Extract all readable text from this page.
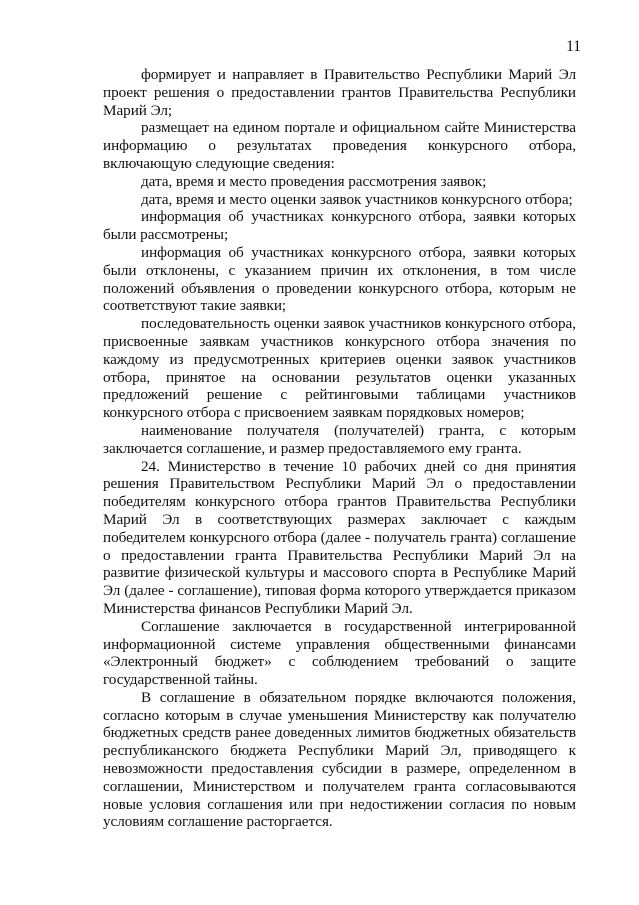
11

формирует и направляет в Правительство Республики Марий Эл проект решения о предоставлении грантов Правительства Республики Марий Эл;

размещает на едином портале и официальном сайте Министерства информацию о результатах проведения конкурсного отбора, включающую следующие сведения:

дата, время и место проведения рассмотрения заявок;

дата, время и место оценки заявок участников конкурсного отбора;

информация об участниках конкурсного отбора, заявки которых были рассмотрены;

информация об участниках конкурсного отбора, заявки которых были отклонены, с указанием причин их отклонения, в том числе положений объявления о проведении конкурсного отбора, которым не соответствуют такие заявки;

последовательность оценки заявок участников конкурсного отбора, присвоенные заявкам участников конкурсного отбора значения по каждому из предусмотренных критериев оценки заявок участников отбора, принятое на основании результатов оценки указанных предложений решение с рейтинговыми таблицами участников конкурсного отбора с присвоением заявкам порядковых номеров;

наименование получателя (получателей) гранта, с которым заключается соглашение, и размер предоставляемого ему гранта.

24. Министерство в течение 10 рабочих дней со дня принятия решения Правительством Республики Марий Эл о предоставлении победителям конкурсного отбора грантов Правительства Республики Марий Эл в соответствующих размерах заключает с каждым победителем конкурсного отбора (далее - получатель гранта) соглашение о предоставлении гранта Правительства Республики Марий Эл на развитие физической культуры и массового спорта в Республике Марий Эл (далее - соглашение), типовая форма которого утверждается приказом Министерства финансов Республики Марий Эл.

Соглашение заключается в государственной интегрированной информационной системе управления общественными финансами «Электронный бюджет» с соблюдением требований о защите государственной тайны.

В соглашение в обязательном порядке включаются положения, согласно которым в случае уменьшения Министерству как получателю бюджетных средств ранее доведенных лимитов бюджетных обязательств республиканского бюджета Республики Марий Эл, приводящего к невозможности предоставления субсидии в размере, определенном в соглашении, Министерством и получателем гранта согласовываются новые условия соглашения или при недостижении согласия по новым условиям соглашение расторгается.
